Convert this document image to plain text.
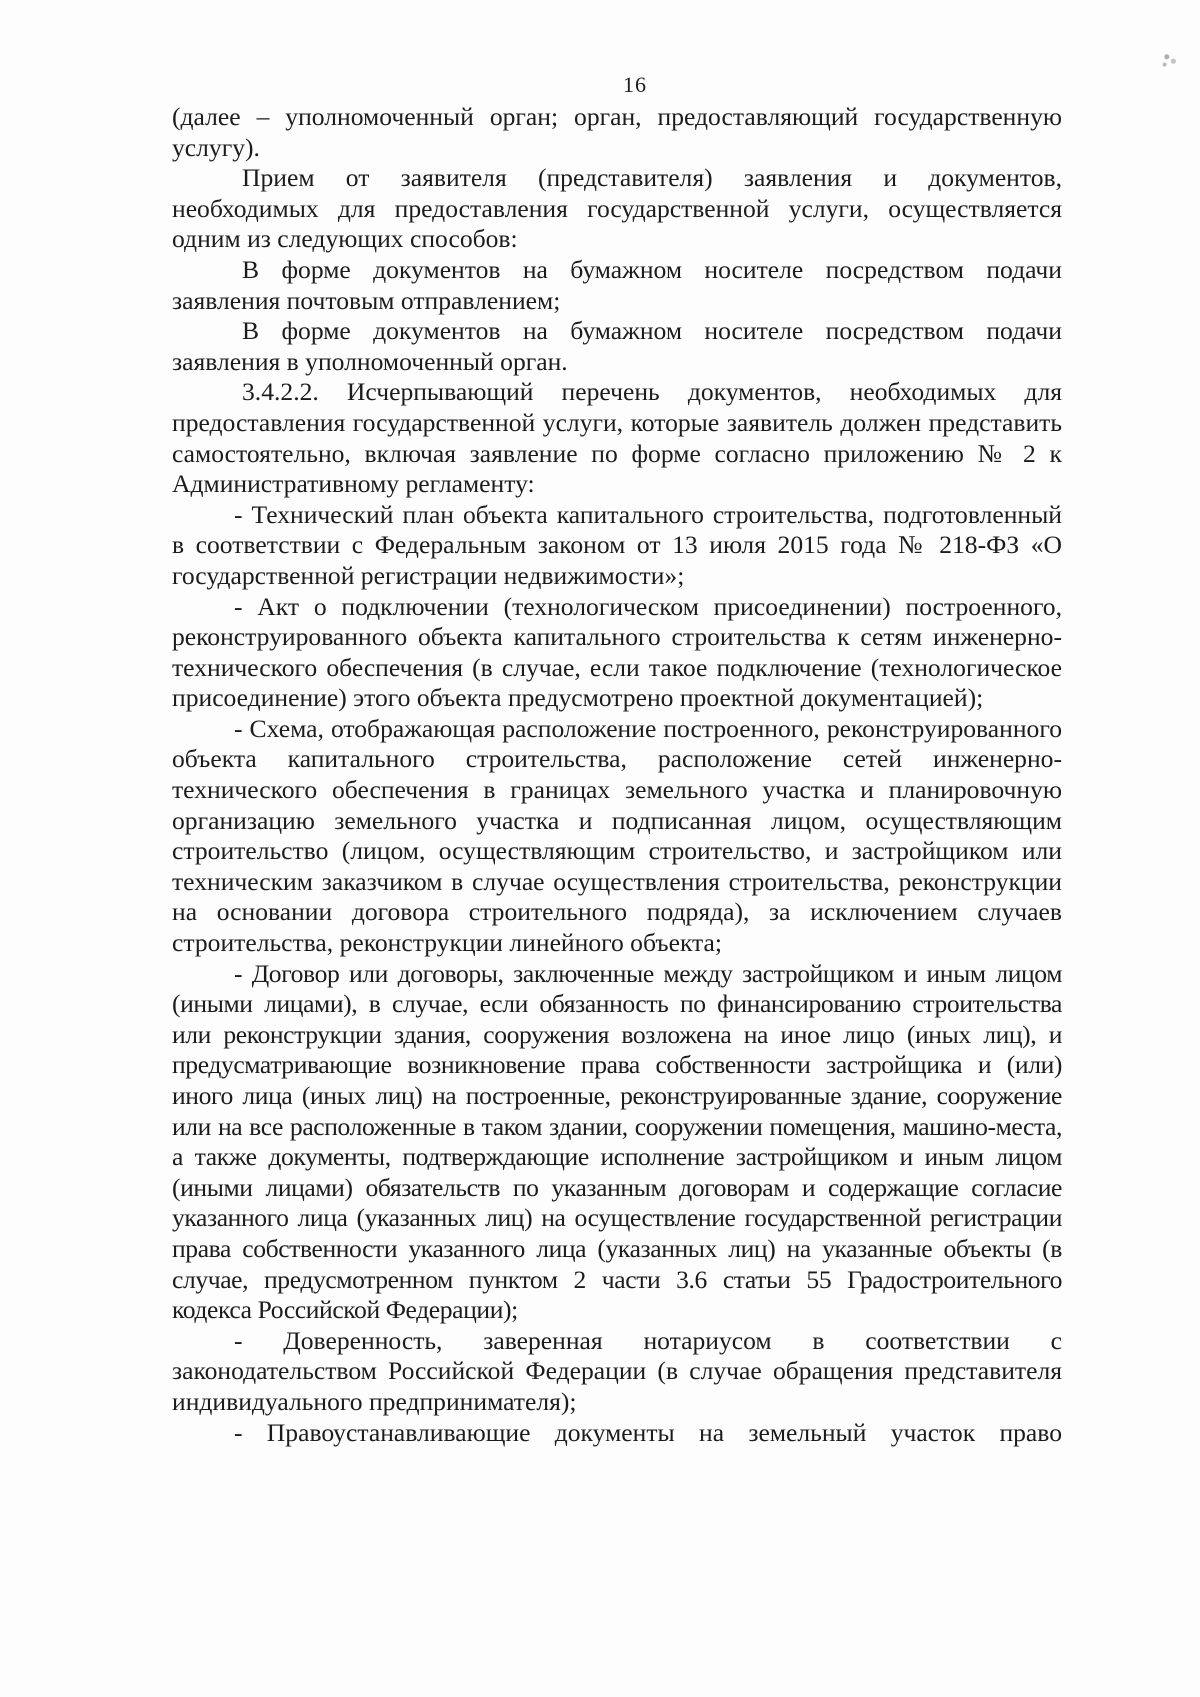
16

(далее – уполномоченный орган; орган, предоставляющий государственную услугу).

Прием от заявителя (представителя) заявления и документов, необходимых для предоставления государственной услуги, осуществляется одним из следующих способов:

В форме документов на бумажном носителе посредством подачи заявления почтовым отправлением;

В форме документов на бумажном носителе посредством подачи заявления в уполномоченный орган.

3.4.2.2. Исчерпывающий перечень документов, необходимых для предоставления государственной услуги, которые заявитель должен представить самостоятельно, включая заявление по форме согласно приложению № 2 к Административному регламенту:

- Технический план объекта капитального строительства, подготовленный в соответствии с Федеральным законом от 13 июля 2015 года № 218-ФЗ «О государственной регистрации недвижимости»;

- Акт о подключении (технологическом присоединении) построенного, реконструированного объекта капитального строительства к сетям инженерно-технического обеспечения (в случае, если такое подключение (технологическое присоединение) этого объекта предусмотрено проектной документацией);

- Схема, отображающая расположение построенного, реконструированного объекта капитального строительства, расположение сетей инженерно-технического обеспечения в границах земельного участка и планировочную организацию земельного участка и подписанная лицом, осуществляющим строительство (лицом, осуществляющим строительство, и застройщиком или техническим заказчиком в случае осуществления строительства, реконструкции на основании договора строительного подряда), за исключением случаев строительства, реконструкции линейного объекта;

- Договор или договоры, заключенные между застройщиком и иным лицом (иными лицами), в случае, если обязанность по финансированию строительства или реконструкции здания, сооружения возложена на иное лицо (иных лиц), и предусматривающие возникновение права собственности застройщика и (или) иного лица (иных лиц) на построенные, реконструированные здание, сооружение или на все расположенные в таком здании, сооружении помещения, машино-места, а также документы, подтверждающие исполнение застройщиком и иным лицом (иными лицами) обязательств по указанным договорам и содержащие согласие указанного лица (указанных лиц) на осуществление государственной регистрации права собственности указанного лица (указанных лиц) на указанные объекты (в случае, предусмотренном пунктом 2 части 3.6 статьи 55 Градостроительного кодекса Российской Федерации);

- Доверенность, заверенная нотариусом в соответствии с законодательством Российской Федерации (в случае обращения представителя индивидуального предпринимателя);

- Правоустанавливающие документы на земельный участок право
